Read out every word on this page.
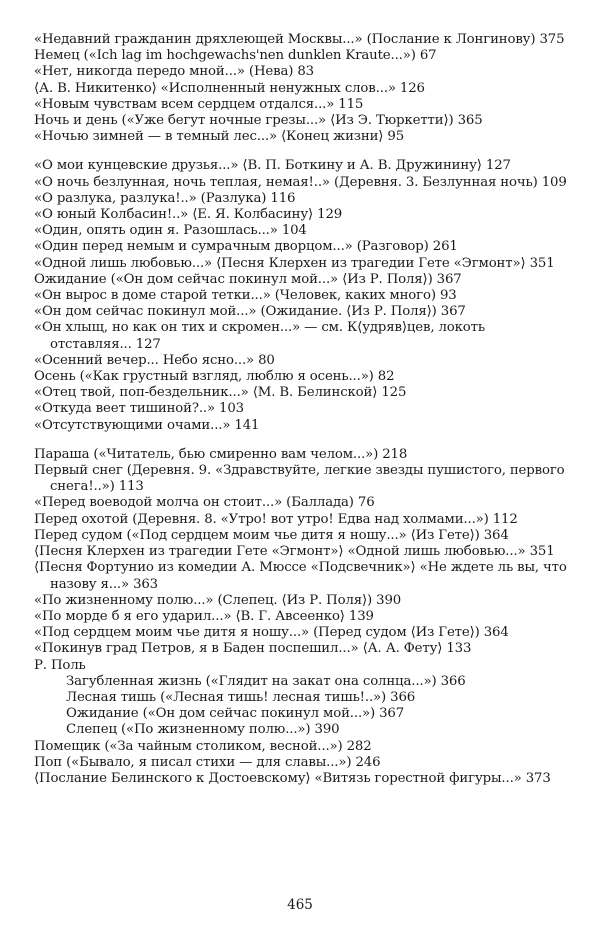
«Недавний гражданин дряхлеющей Москвы...» (Послание к Лонгинову) 375

Немец («Ich lag im hochgewachs'nen dunklen Kraute...») 67

«Нет, никогда передо мной...» (Нева) 83

⟨А. В. Никитенко⟩ «Исполненный ненужных слов...» 126

«Новым чувствам всем сердцем отдался...» 115

Ночь и день («Уже бегут ночные грезы...» ⟨Из Э. Тюркетти⟩) 365

«Ночью зимней — в темный лес...» ⟨Конец жизни⟩ 95

«О мои кунцевские друзья...» ⟨В. П. Боткину и А. В. Дружинину⟩ 127

«О ночь безлунная, ночь теплая, немая!..» (Деревня. 3. Безлунная ночь) 109

«О разлука, разлука!..» (Разлука) 116

«О юный Колбасин!..» ⟨Е. Я. Колбасину⟩ 129

«Один, опять один я. Разошлась...» 104

«Один перед немым и сумрачным дворцом...» (Разговор) 261

«Одной лишь любовью...» ⟨Песня Клерхен из трагедии Гете «Эгмонт»⟩ 351

Ожидание («Он дом сейчас покинул мой...» ⟨Из Р. Поля⟩) 367

«Он вырос в доме старой тетки...» (Человек, каких много) 93

«Он дом сейчас покинул мой...» (Ожидание. ⟨Из Р. Поля⟩) 367

«Он хлыщ, но как он тих и скромен...» — см. К⟨удряв⟩цев, локоть отставляя... 127

«Осенний вечер... Небо ясно...» 80

Осень («Как грустный взгляд, люблю я осень...») 82

«Отец твой, поп-бездельник...» ⟨М. В. Белинской⟩ 125

«Откуда веет тишиной?..» 103

«Отсутствующими очами...» 141

Параша («Читатель, бью смиренно вам челом...») 218

Первый снег (Деревня. 9. «Здравствуйте, легкие звезды пушистого, первого снега!..») 113

«Перед воеводой молча он стоит...» (Баллада) 76

Перед охотой (Деревня. 8. «Утро! вот утро! Едва над холмами...») 112

Перед судом («Под сердцем моим чье дитя я ношу...» ⟨Из Гете⟩) 364

⟨Песня Клерхен из трагедии Гете «Эгмонт»⟩ «Одной лишь любовью...» 351

⟨Песня Фортунио из комедии А. Мюссе «Подсвечник»⟩ «Не ждете ль вы, что назову я...» 363

«По жизненному полю...» (Слепец. ⟨Из Р. Поля⟩) 390

«По морде б я его ударил...» ⟨В. Г. Авсеенко⟩ 139

«Под сердцем моим чье дитя я ношу...» (Перед судом ⟨Из Гете⟩) 364

«Покинув град Петров, я в Баден поспешил...» ⟨А. А. Фету⟩ 133

Р. Поль

Загубленная жизнь («Глядит на закат она солнца...») 366

Лесная тишь («Лесная тишь! лесная тишь!..») 366

Ожидание («Он дом сейчас покинул мой...») 367

Слепец («По жизненному полю...») 390

Помещик («За чайным столиком, весной...») 282

Поп («Бывало, я писал стихи — для славы...») 246

⟨Послание Белинского к Достоевскому⟩ «Витязь горестной фигуры...» 373

465
